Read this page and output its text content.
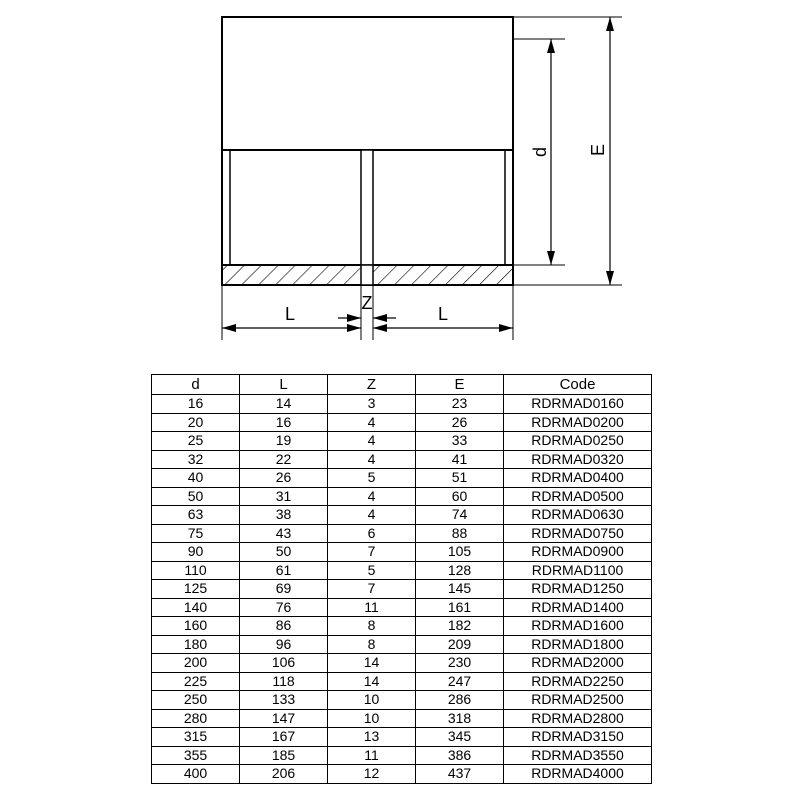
d E
L
Z
L
d	L	Z	E	Code
16	14	3	23	RDRMAD0160
20	16	4	26	RDRMAD0200
25	19	4	33	RDRMAD0250
32	22	4	41	RDRMAD0320
40	26	5	51	RDRMAD0400
50	31	4	60	RDRMAD0500
63	38	4	74	RDRMAD0630
75	43	6	88	RDRMAD0750
90	50	7	105	RDRMAD0900
110	61	5	128	RDRMAD1100
125	69	7	145	RDRMAD1250
140	76	11	161	RDRMAD1400
160	86	8	182	RDRMAD1600
180	96	8	209	RDRMAD1800
200	106	14	230	RDRMAD2000
225	118	14	247	RDRMAD2250
250	133	10	286	RDRMAD2500
280	147	10	318	RDRMAD2800
315	167	13	345	RDRMAD3150
355	185	11	386	RDRMAD3550
400	206	12	437	RDRMAD4000
